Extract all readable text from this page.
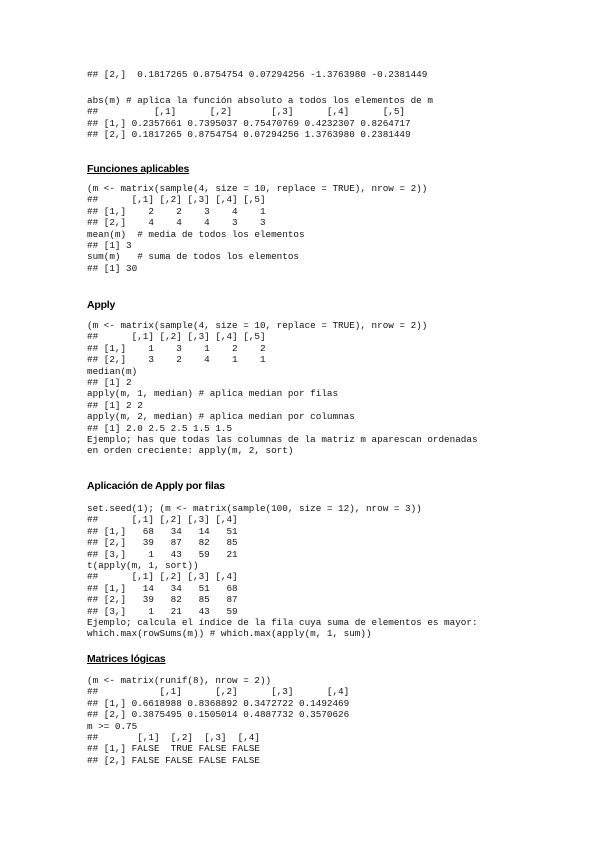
## [2,]  0.1817265 0.8754754 0.07294256 -1.3763980 -0.2381449
abs(m) # aplica la función absoluto a todos los elementos de m
##          [,1]      [,2]       [,3]      [,4]      [,5]
## [1,] 0.2357661 0.7395037 0.75470769 0.4232307 0.8264717
## [2,] 0.1817265 0.8754754 0.07294256 1.3763980 0.2381449
Funciones aplicables
(m <- matrix(sample(4, size = 10, replace = TRUE), nrow = 2))
##      [,1] [,2] [,3] [,4] [,5]
## [1,]    2    2    3    4    1
## [2,]    4    4    4    3    3
mean(m)  # media de todos los elementos
## [1] 3
sum(m)   # suma de todos los elementos
## [1] 30
Apply
(m <- matrix(sample(4, size = 10, replace = TRUE), nrow = 2))
##      [,1] [,2] [,3] [,4] [,5]
## [1,]    1    3    1    2    2
## [2,]    3    2    4    1    1
median(m)
## [1] 2
apply(m, 1, median) # aplica median por filas
## [1] 2 2
apply(m, 2, median) # aplica median por columnas
## [1] 2.0 2.5 2.5 1.5 1.5
Ejemplo; has que todas las columnas de la matriz m aparescan ordenadas
en orden creciente: apply(m, 2, sort)
Aplicación de Apply por filas
set.seed(1); (m <- matrix(sample(100, size = 12), nrow = 3))
##      [,1] [,2] [,3] [,4]
## [1,]   68   34   14   51
## [2,]   39   87   82   85
## [3,]    1   43   59   21
t(apply(m, 1, sort))
##      [,1] [,2] [,3] [,4]
## [1,]   14   34   51   68
## [2,]   39   82   85   87
## [3,]    1   21   43   59
Ejemplo; calcula el índice de la fila cuya suma de elementos es mayor:
which.max(rowSums(m)) # which.max(apply(m, 1, sum))
Matrices lógicas
(m <- matrix(runif(8), nrow = 2))
##           [,1]      [,2]      [,3]      [,4]
## [1,] 0.6618988 0.8368892 0.3472722 0.1492469
## [2,] 0.3875495 0.1505014 0.4887732 0.3570626
m >= 0.75
##       [,1]  [,2]  [,3]  [,4]
## [1,] FALSE  TRUE FALSE FALSE
## [2,] FALSE FALSE FALSE FALSE
